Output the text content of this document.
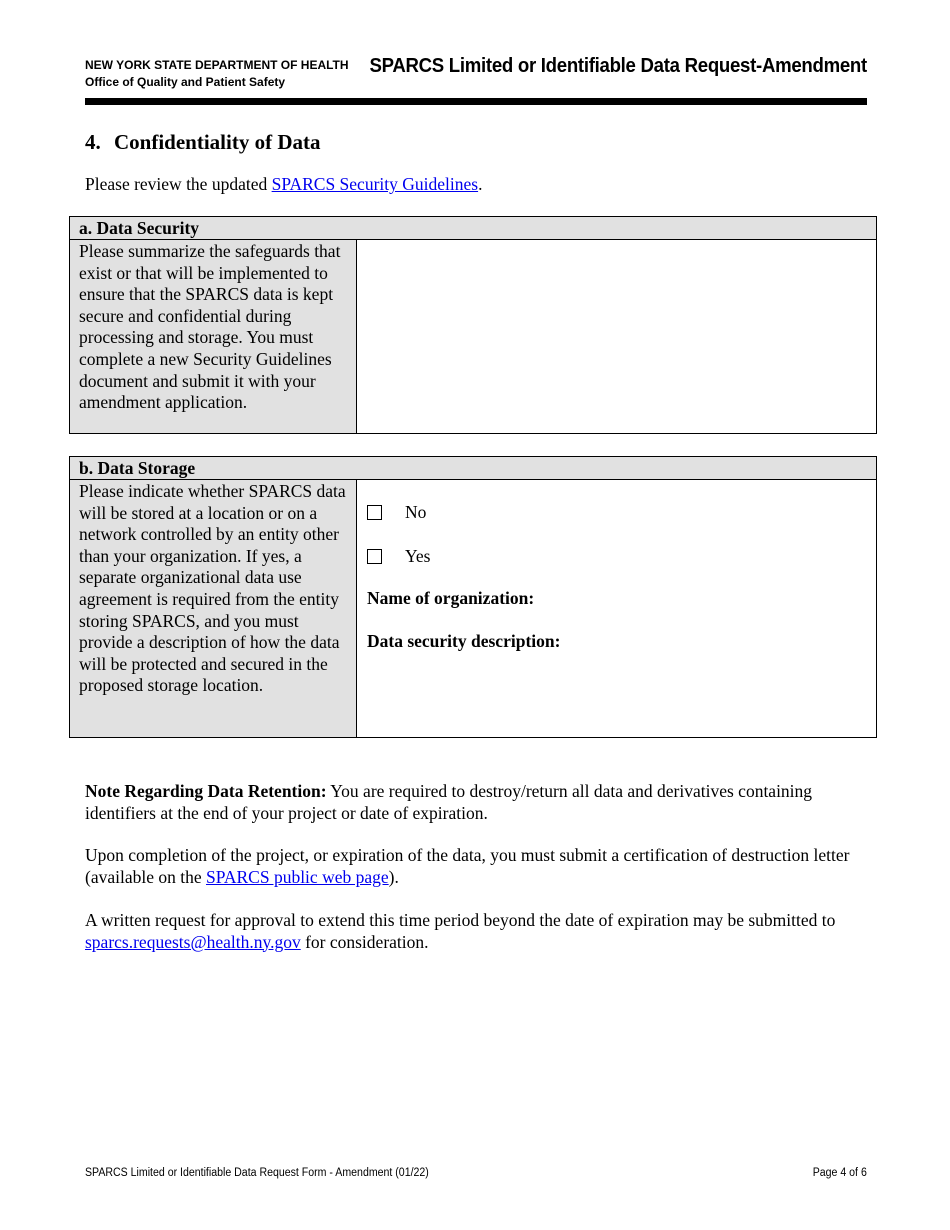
NEW YORK STATE DEPARTMENT OF HEALTH
Office of Quality and Patient Safety
SPARCS Limited or Identifiable Data Request-Amendment
4. Confidentiality of Data

Please review the updated SPARCS Security Guidelines.

a. Data Security
Please summarize the safeguards that exist or that will be implemented to ensure that the SPARCS data is kept secure and confidential during processing and storage. You must complete a new Security Guidelines document and submit it with your amendment application.
b. Data Storage
Please indicate whether SPARCS data will be stored at a location or on a network controlled by an entity other than your organization. If yes, a separate organizational data use agreement is required from the entity storing SPARCS, and you must provide a description of how the data will be protected and secured in the proposed storage location.
No
Yes
Name of organization:
Data security description:

Note Regarding Data Retention: You are required to destroy/return all data and derivatives containing identifiers at the end of your project or date of expiration.

Upon completion of the project, or expiration of the data, you must submit a certification of destruction letter (available on the SPARCS public web page).

A written request for approval to extend this time period beyond the date of expiration may be submitted to sparcs.requests@health.ny.gov for consideration.

SPARCS Limited or Identifiable Data Request Form - Amendment (01/22)	Page 4 of 6
